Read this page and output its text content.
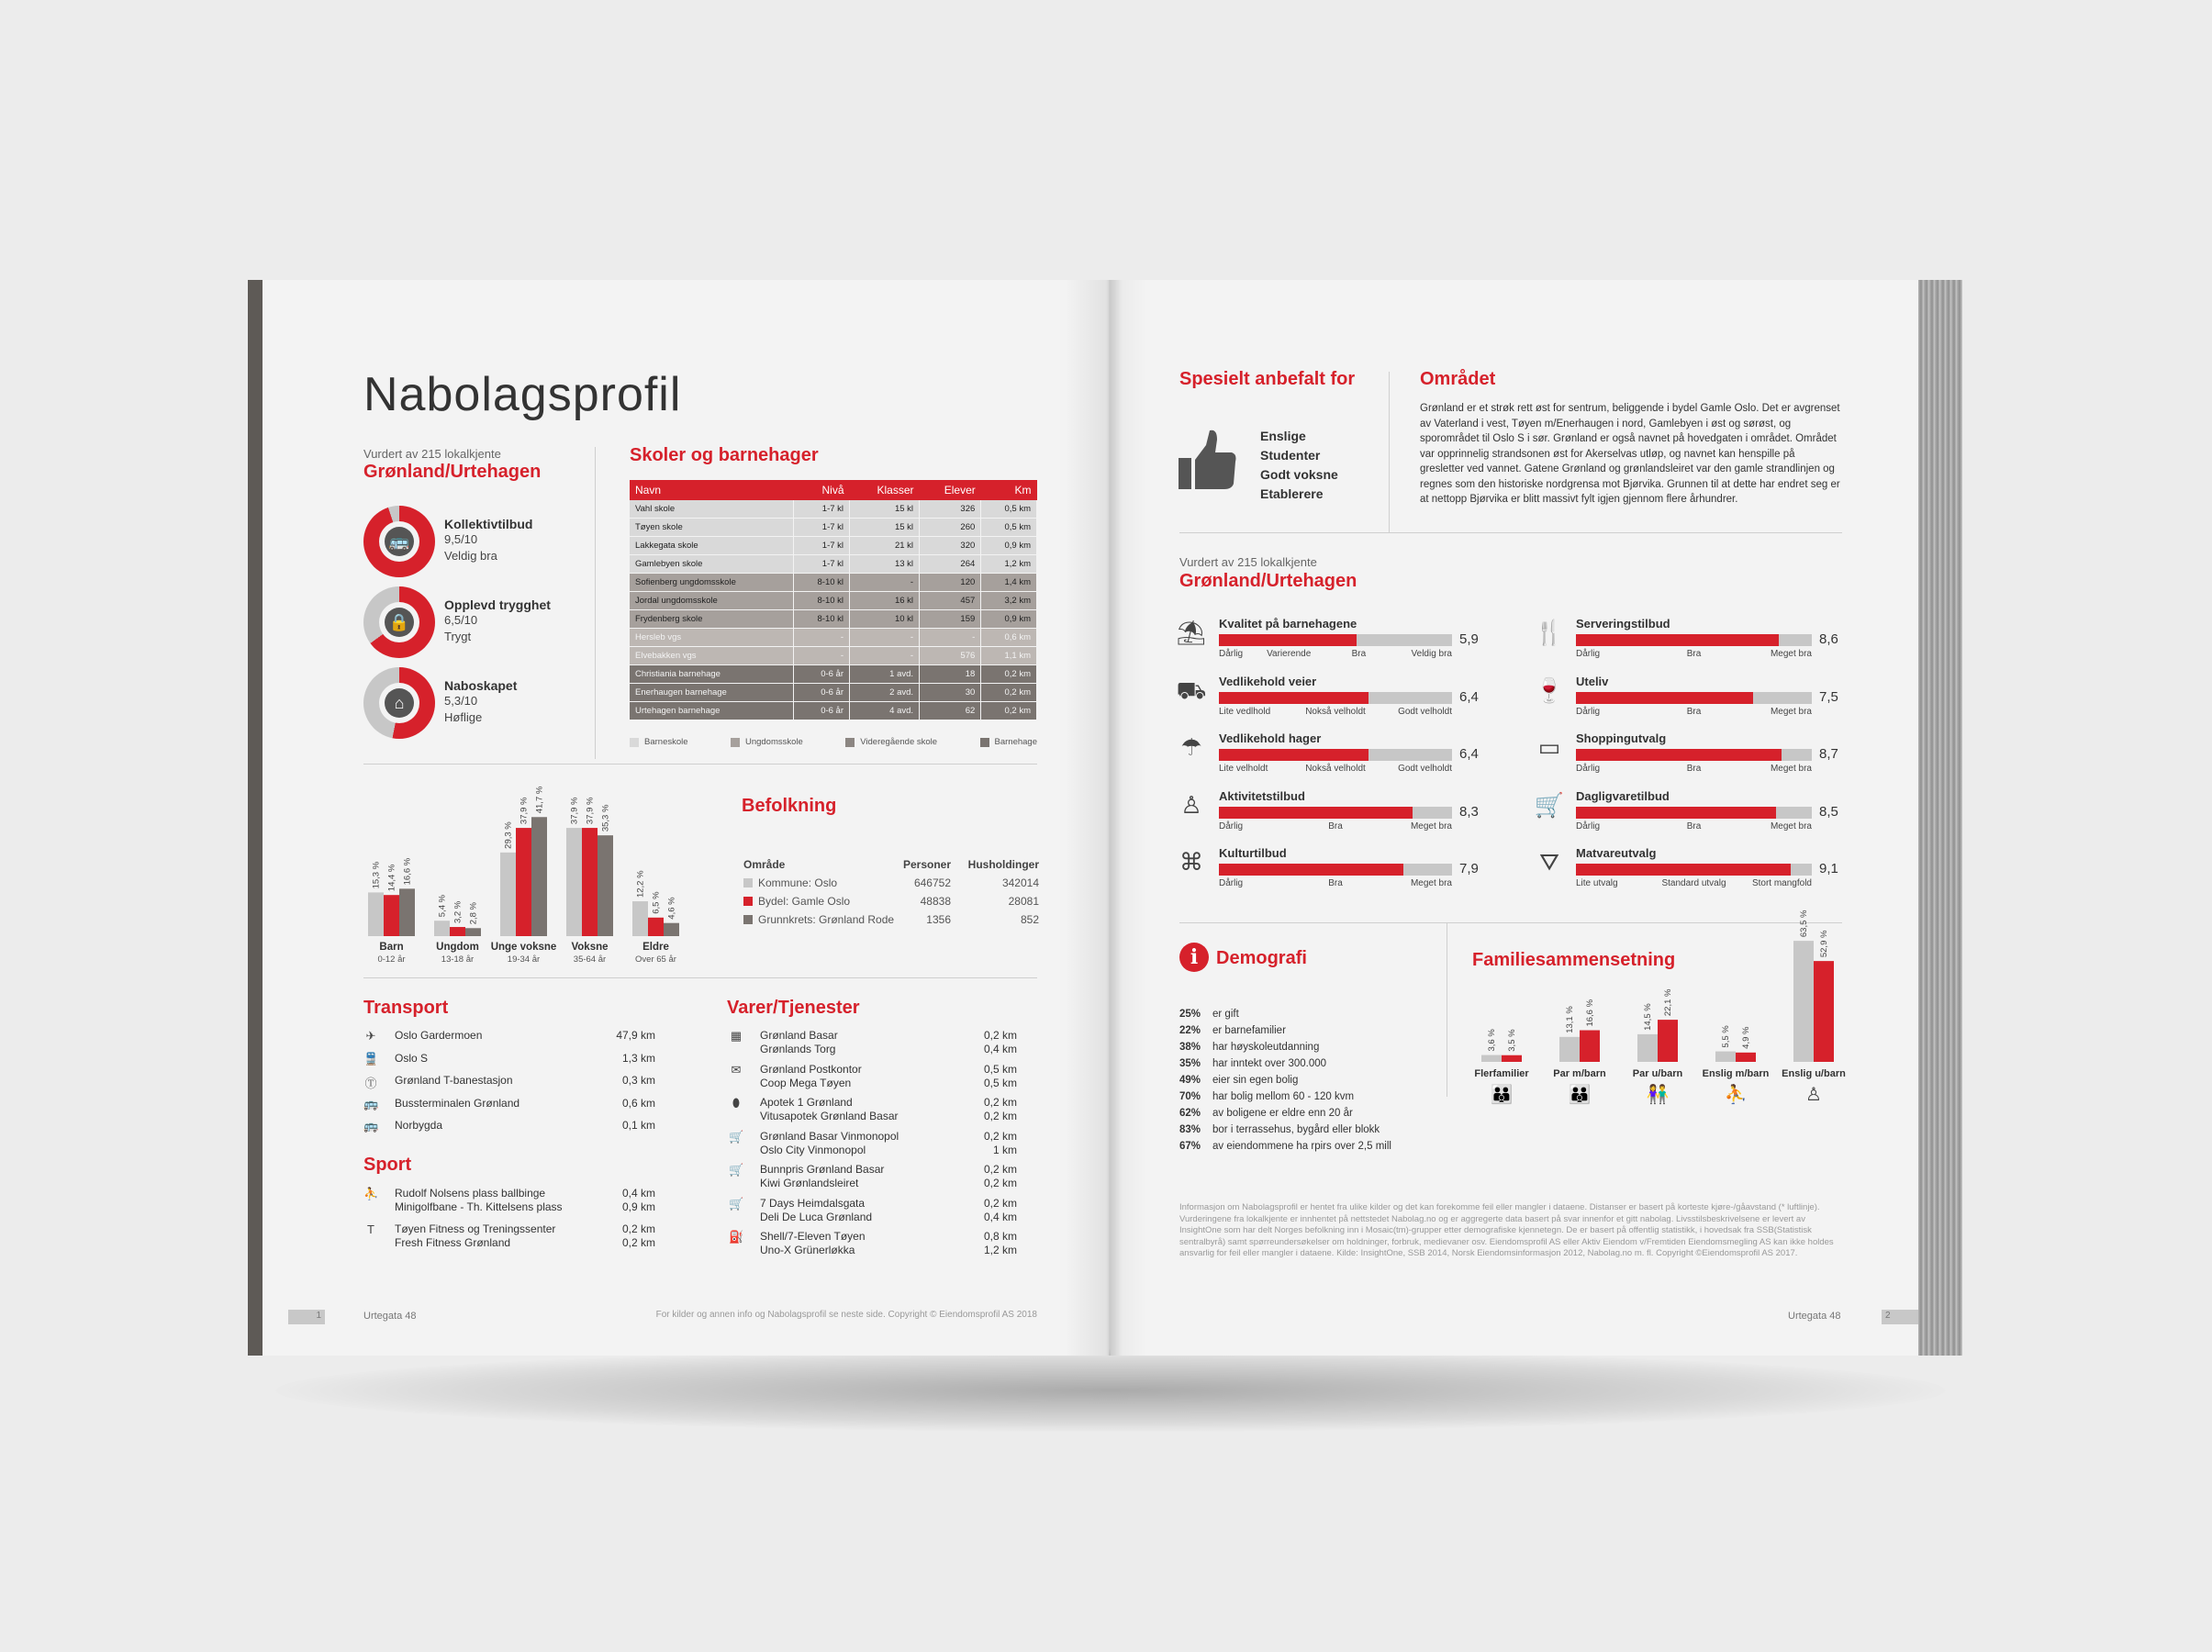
Nabolagsprofil
Vurdert av 215 lokalkjente
Grønland/Urtehagen
🚌
Kollektivtilbud
9,5/10
Veldig bra
🔒
Opplevd trygghet
6,5/10
Trygt
⌂
Naboskapet
5,3/10
Høflige
Skoler og barnehager
Navn	Nivå	Klasser	Elever	Km
Vahl skole	1-7 kl	15 kl	326	0,5 km
Tøyen skole	1-7 kl	15 kl	260	0,5 km
Lakkegata skole	1-7 kl	21 kl	320	0,9 km
Gamlebyen skole	1-7 kl	13 kl	264	1,2 km
Sofienberg ungdomsskole	8-10 kl	-	120	1,4 km
Jordal ungdomsskole	8-10 kl	16 kl	457	3,2 km
Frydenberg skole	8-10 kl	10 kl	159	0,9 km
Hersleb vgs	-	-	-	0,6 km
Elvebakken vgs	-	-	576	1,1 km
Christiania barnehage	0-6 år	1 avd.	18	0,2 km
Enerhaugen barnehage	0-6 år	2 avd.	30	0,2 km
Urtehagen barnehage	0-6 år	4 avd.	62	0,2 km
Barneskole	Ungdomsskole	Videregående skole	Barnehage
15,3 % 14,4 % 16,6 %
Barn
0-12 år
5,4 % 3,2 % 2,8 %
Ungdom
13-18 år
29,3 %
37,9 % 41,7 %
Unge voksne
19-34 år
37,9 % 37,9 % 35,3 %
Voksne
35-64 år
12,2 %
6,5 % 4,6 %
Eldre
Over 65 år
Befolkning
Område	Personer Husholdinger
Kommune: Oslo	646752	342014
Bydel: Gamle Oslo	48838	28081
Grunnkrets: Grønland Rode	1356	852
Transport
✈ Oslo Gardermoen	47,9 km
🚆 Oslo S	1,3 km
Ⓣ Grønland T-banestasjon	0,3 km
🚌 Bussterminalen Grønland	0,6 km
🚌 Norbygda	0,1 km
Sport
⛹ Rudolf Nolsens plass ballbinge
Minigolfbane - Th. Kittelsens plass
0,4 km
0,9 km
T	Tøyen Fitness og Treningssenter
Fresh Fitness Grønland
0,2 km
0,2 km
Varer/Tjenester
▦ Grønland Basar
Grønlands Torg
0,2 km
0,4 km
✉ Grønland Postkontor
Coop Mega Tøyen
0,5 km
0,5 km
⬮	Apotek 1 Grønland
Vitusapotek Grønland Basar
0,2 km
0,2 km
🛒 Grønland Basar Vinmonopol
Oslo City Vinmonopol
0,2 km
1 km
🛒 Bunnpris Grønland Basar
Kiwi Grønlandsleiret
0,2 km
0,2 km
🛒 7 Days Heimdalsgata
Deli De Luca Grønland
0,2 km
0,4 km
⛽ Shell/7-Eleven Tøyen
Uno-X Grünerløkka
0,8 km
1,2 km
1	Urtegata 48	For kilder og annen info og Nabolagsprofil se neste side. Copyright © Eiendomsprofil AS 2018
Spesielt anbefalt for
Enslige
Studenter
Godt voksne
Etablerere
Området
Grønland er et strøk rett øst for sentrum, beliggende i bydel Gamle Oslo. Det er avgrenset av Vaterland i vest, Tøyen m/Enerhaugen i nord, Gamlebyen i øst og sørøst, og sporområdet til Oslo S i sør. Grønland er også navnet på hovedgaten i området. Området var opprinnelig strandsonen øst for Akerselvas utløp, og navnet kan henspille på gresletter ved vannet. Gatene Grønland og grønlandsleiret var den gamle strandlinjen og regnes som den historiske nordgrensa mot Bjørvika. Grunnen til at dette har endret seg er at nettopp Bjørvika er blitt massivt fylt igjen gjennom flere århundrer.
Vurdert av 215 lokalkjente
Grønland/Urtehagen
⛱ Kvalitet på barnehagene
5,9
Dårlig	Varierende	Bra	Veldig bra
⛟ Vedlikehold veier
6,4
Lite vedlhold	Nokså velholdt	Godt velholdt
☂	Vedlikehold hager
6,4
Lite velholdt	Nokså velholdt	Godt velholdt
♙	Aktivitetstilbud
8,3
Dårlig	Bra	Meget bra
⌘	Kulturtilbud
7,9
Dårlig	Bra	Meget bra
🍴 Serveringstilbud
8,6
Dårlig	Bra	Meget bra
🍷 Uteliv
7,5
Dårlig	Bra	Meget bra
▭	Shoppingutvalg
8,7
Dårlig	Bra	Meget bra
🛒 Dagligvaretilbud
8,5
Dårlig	Bra	Meget bra
⛛	Matvareutvalg
9,1
Lite utvalg	Standard utvalg	Stort mangfold
i Demografi
25% er gift
22% er barnefamilier
38% har høyskoleutdanning
35% har inntekt over 300.000
49% eier sin egen bolig
70% har bolig mellom 60 - 120 kvm
62% av boligene er eldre enn 20 år
83% bor i terrassehus, bygård eller blokk
67% av eiendommene ha rpirs over 2,5 mill
Familiesammensetning
3,6 % 3,5 %
Flerfamilier
👪
13,1 % 16,6 %
Par m/barn
👪
14,5 %
22,1 %
Par u/barn
👫
5,5 % 4,9 %
Enslig m/barn
⛹
63,5 %
52,9 %
Enslig u/barn
♙
Informasjon om Nabolagsprofil er hentet fra ulike kilder og det kan forekomme feil eller mangler i dataene. Distanser er basert på korteste kjøre-/gåavstand (* luftlinje). Vurderingene fra lokalkjente er innhentet på nettstedet Nabolag.no og er aggregerte data basert på svar innenfor et gitt nabolag. Livsstilsbeskrivelsene er levert av InsightOne som har delt Norges befolkning inn i Mosaic(tm)-grupper etter demografiske kjennetegn. De er basert på offentlig statistikk, i hovedsak fra SSB(Statistisk sentralbyrå) samt spørreundersøkelser om holdninger, forbruk, medievaner osv. Eiendomsprofil AS eller Aktiv Eiendom v/Fremtiden Eiendomsmegling AS kan ikke holdes ansvarlig for feil eller mangler i dataene. Kilde: InsightOne, SSB 2014, Norsk Eiendomsinformasjon 2012, Nabolag.no m. fl. Copyright ©Eiendomsprofil AS 2017.
Urtegata 48	2
